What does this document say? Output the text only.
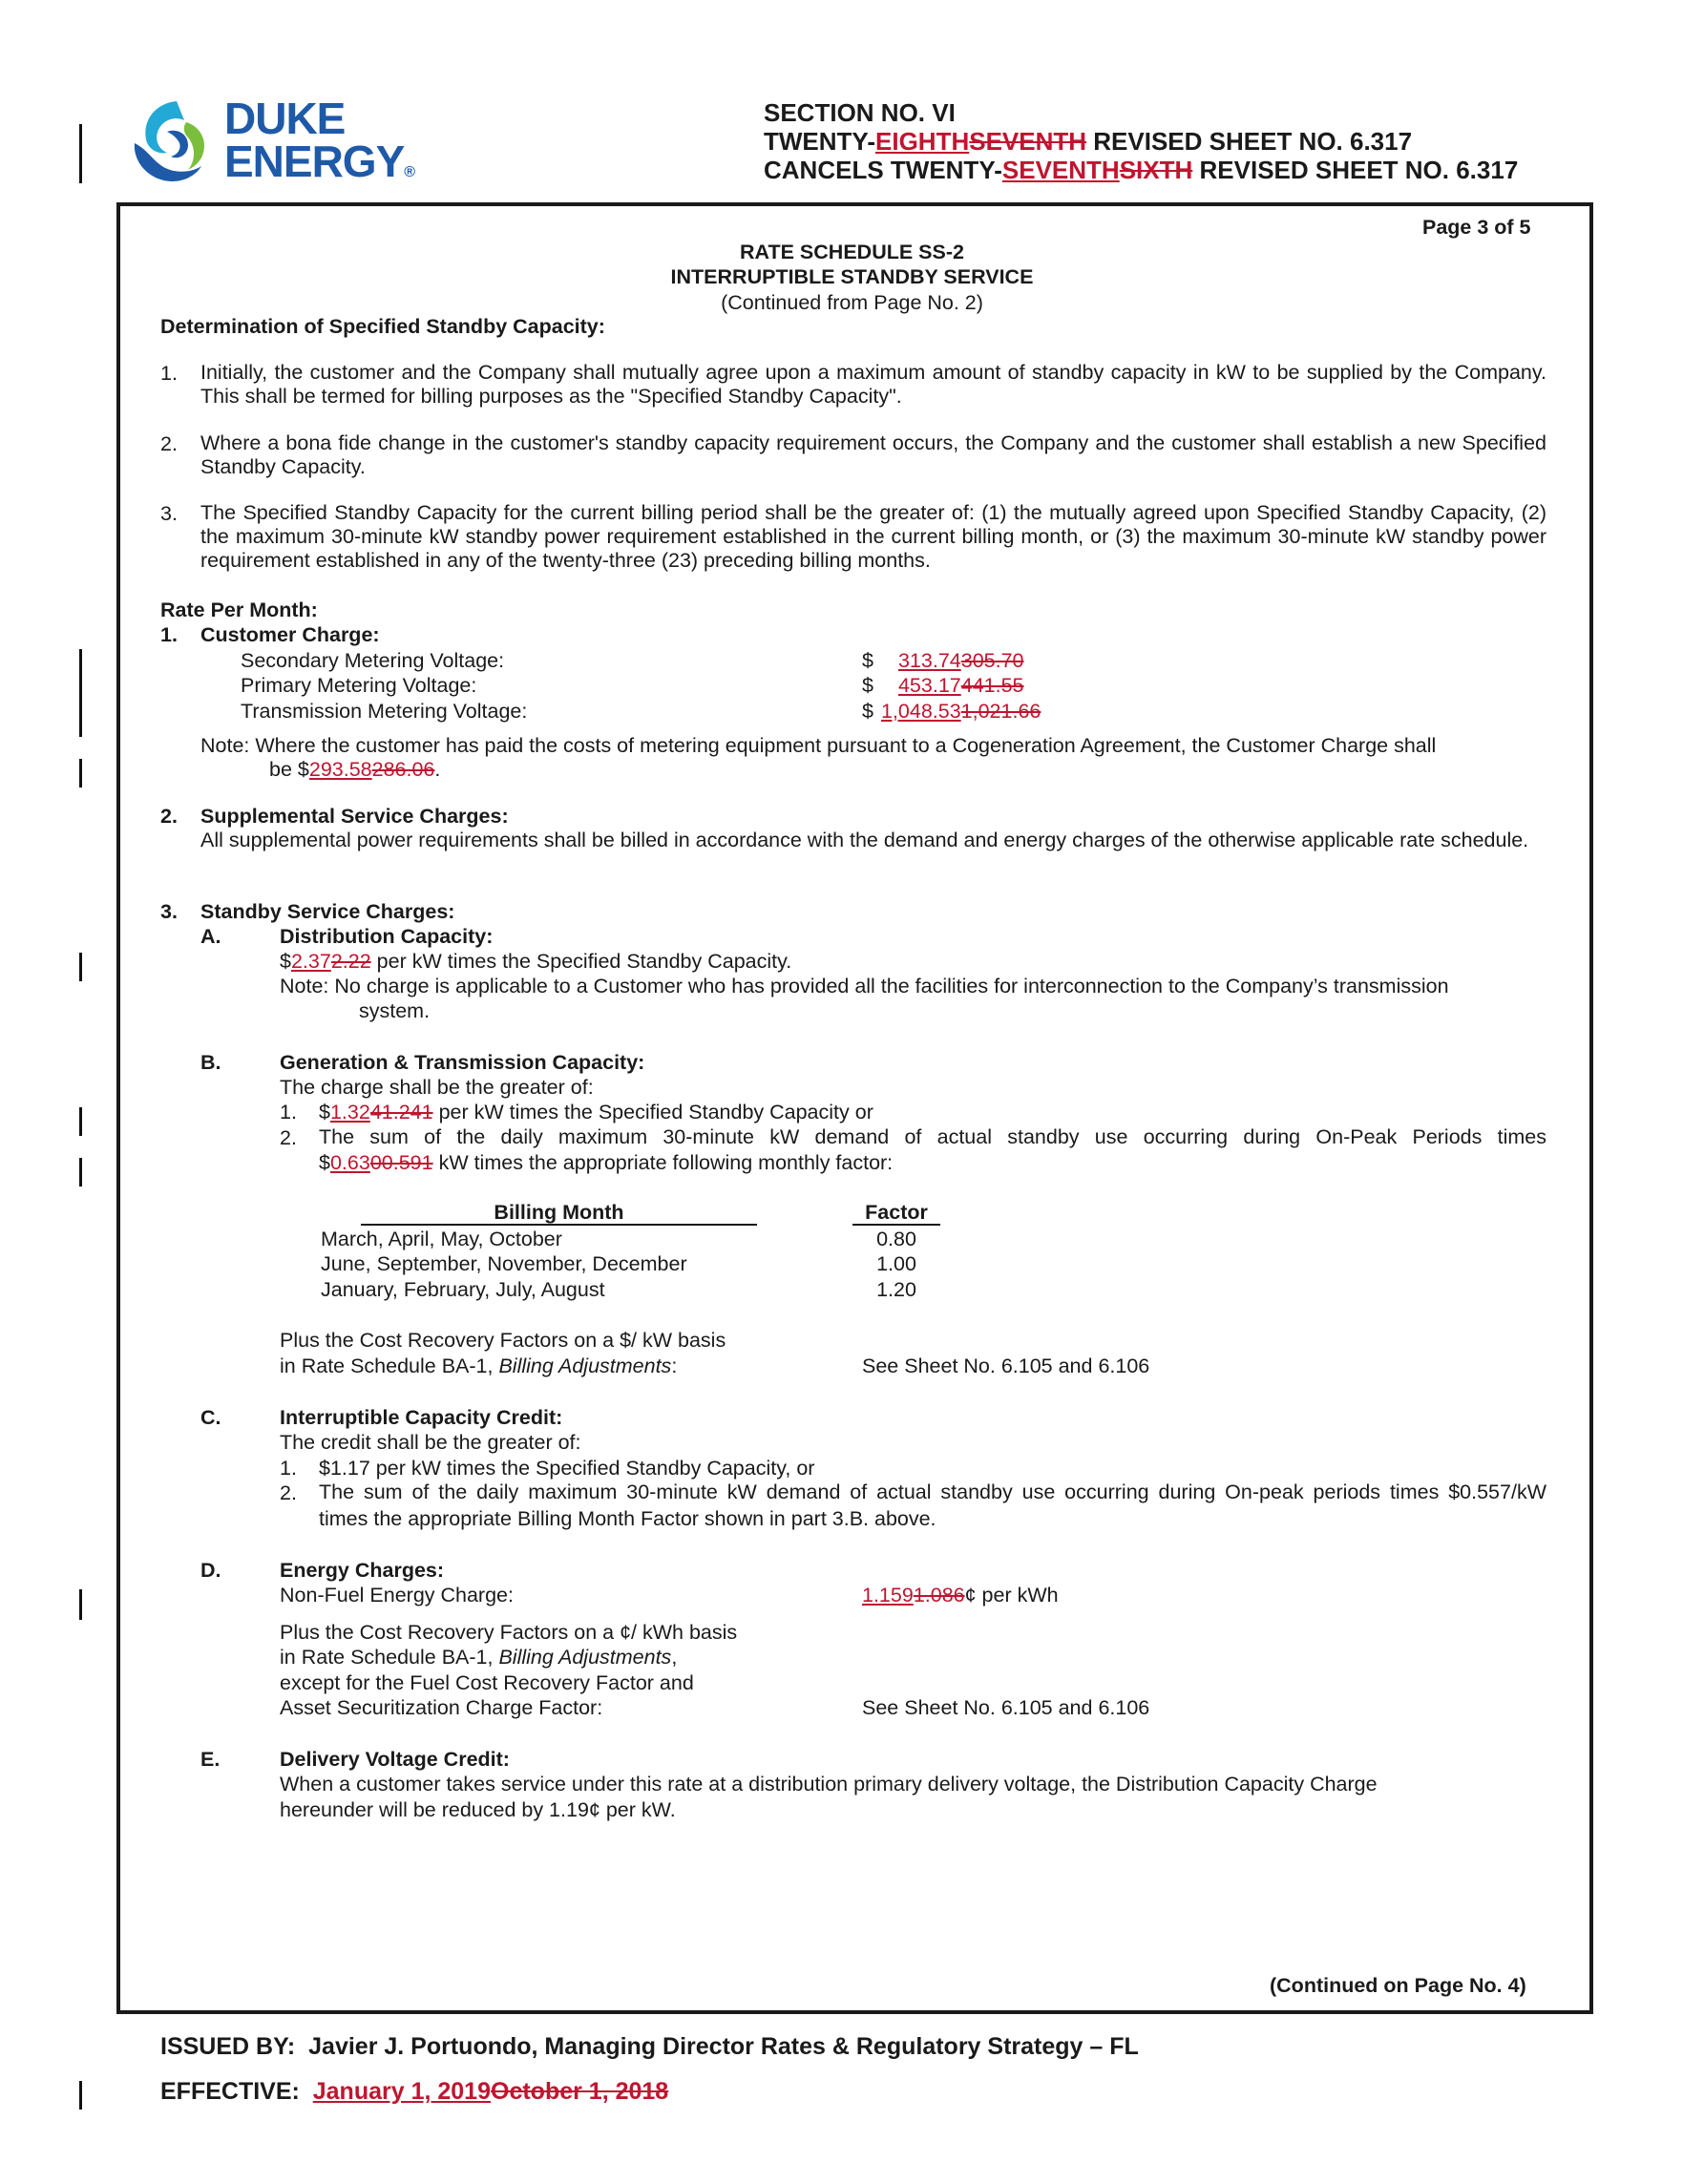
DUKE
ENERGY®
SECTION NO. VI
TWENTY-EIGHTHSEVENTH REVISED SHEET NO. 6.317
CANCELS TWENTY-SEVENTHSIXTH REVISED SHEET NO. 6.317
Page 3 of 5
RATE SCHEDULE SS-2
INTERRUPTIBLE STANDBY SERVICE
(Continued from Page No. 2)
Determination of Specified Standby Capacity:
1. Initially, the customer and the Company shall mutually agree upon a maximum amount of standby capacity in kW to be supplied by the Company. This shall be termed for billing purposes as the "Specified Standby Capacity".
2. Where a bona fide change in the customer's standby capacity requirement occurs, the Company and the customer shall establish a new Specified Standby Capacity.
3. The Specified Standby Capacity for the current billing period shall be the greater of: (1) the mutually agreed upon Specified Standby Capacity, (2) the maximum 30-minute kW standby power requirement established in the current billing month, or (3) the maximum 30-minute kW standby power requirement established in any of the twenty-three (23) preceding billing months.
Rate Per Month:
1. Customer Charge:
Secondary Metering Voltage:	$ 313.74305.70
Primary Metering Voltage:	$ 453.17441.55
Transmission Metering Voltage:	$ 1,048.531,021.66
Note: Where the customer has paid the costs of metering equipment pursuant to a Cogeneration Agreement, the Customer Charge shall
be $293.58286.06.
2. Supplemental Service Charges:
All supplemental power requirements shall be billed in accordance with the demand and energy charges of the otherwise applicable rate schedule.
3. Standby Service Charges:
A.	Distribution Capacity:
$2.372.22 per kW times the Specified Standby Capacity.
Note: No charge is applicable to a Customer who has provided all the facilities for interconnection to the Company’s transmission
system.
B.	Generation & Transmission Capacity:
The charge shall be the greater of:
1. $1.3241.241 per kW times the Specified Standby Capacity or
2. The sum of the daily maximum 30-minute kW demand of actual standby use occurring during On-Peak Periods times
$0.6300.591 kW times the appropriate following monthly factor:
Billing Month	Factor
March, April, May, October	0.80
June, September, November, December	1.00
January, February, July, August	1.20
Plus the Cost Recovery Factors on a $/ kW basis
in Rate Schedule BA-1, Billing Adjustments:	See Sheet No. 6.105 and 6.106
C.	Interruptible Capacity Credit:
The credit shall be the greater of:
1. $1.17 per kW times the Specified Standby Capacity, or
2. The sum of the daily maximum 30-minute kW demand of actual standby use occurring during On-peak periods times $0.557/kW
times the appropriate Billing Month Factor shown in part 3.B. above.
D.	Energy Charges:
Non-Fuel Energy Charge:	1.1591.086¢ per kWh
Plus the Cost Recovery Factors on a ¢/ kWh basis
in Rate Schedule BA-1, Billing Adjustments,
except for the Fuel Cost Recovery Factor and
Asset Securitization Charge Factor:	See Sheet No. 6.105 and 6.106
E.	Delivery Voltage Credit:
When a customer takes service under this rate at a distribution primary delivery voltage, the Distribution Capacity Charge
hereunder will be reduced by 1.19¢ per kW.
(Continued on Page No. 4)
ISSUED BY: Javier J. Portuondo, Managing Director Rates & Regulatory Strategy – FL
EFFECTIVE: January 1, 2019October 1, 2018
